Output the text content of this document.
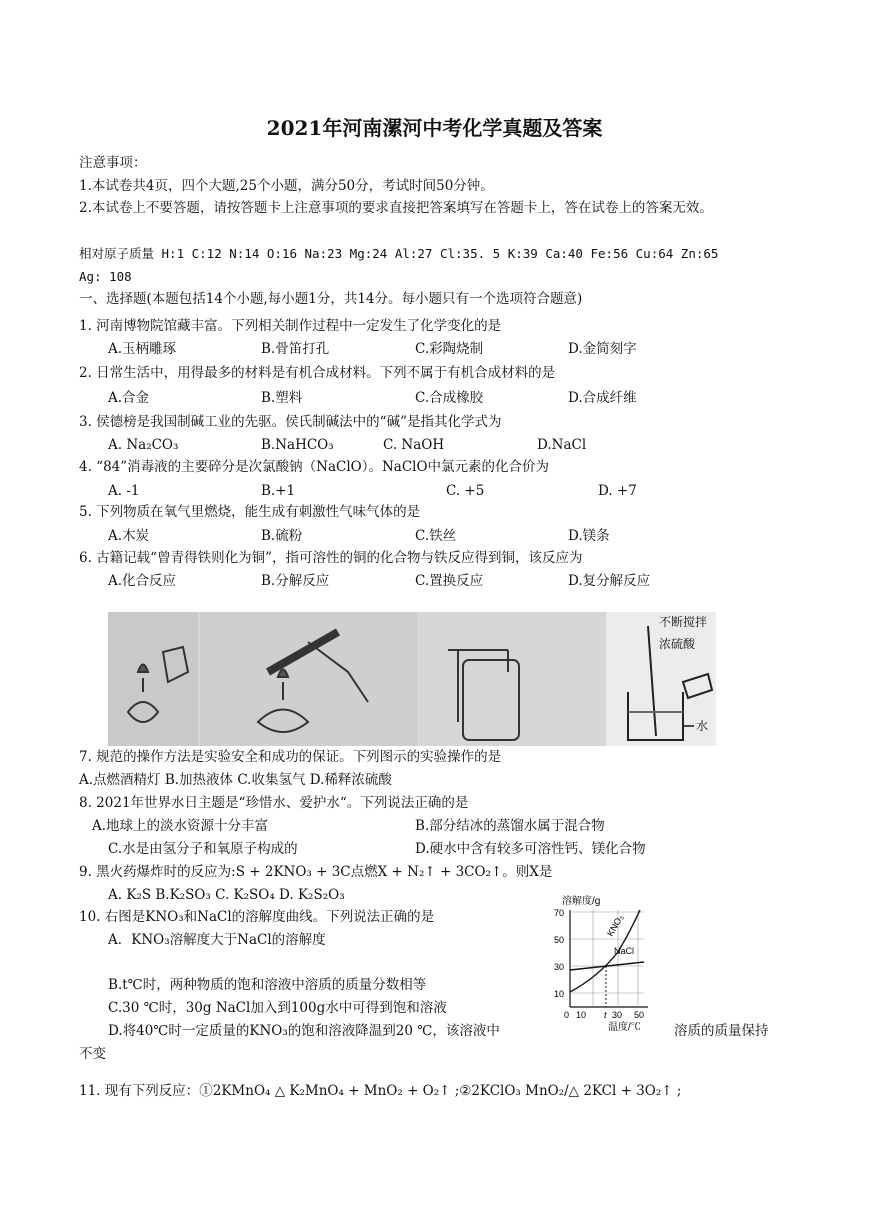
2021年河南漯河中考化学真题及答案
注意事项：
1.本试卷共4页，四个大题,25个小题，满分50分，考试时间50分钟。
2.本试卷上不要答题，请按答题卡上注意事项的要求直接把答案填写在答题卡上，答在试卷上的答案无效。
相对原子质量 H:1 C:12 N:14 O:16 Na:23 Mg:24 Al:27 Cl:35. 5 K:39 Ca:40 Fe:56 Cu:64 Zn:65
Ag: 108
一、选择题(本题包括14个小题,每小题1分，共14分。每小题只有一个选项符合题意)
1. 河南博物院馆藏丰富。下列相关制作过程中一定发生了化学变化的是
A.玉柄雕琢	B.骨笛打孔	C.彩陶烧制	D.金简刻字
2. 日常生活中，用得最多的材料是有机合成材料。下列不属于有机合成材料的是
A.合金	B.塑料	C.合成橡胶	D.合成纤维
3. 侯德榜是我国制碱工业的先驱。侯氏制碱法中的“碱”是指其化学式为
A. Na₂CO₃	B.NaHCO₃	C. NaOH	D.NaCl
4. “84”消毒液的主要碎分是次氯酸钠（NaClO）。NaClO中氯元素的化合价为
A. -1	B.+1	C. +5	D. +7
5. 下列物质在氧气里燃烧，能生成有刺激性气味气体的是
A.木炭	B.硫粉	C.铁丝	D.镁条
6. 古籍记载“曾青得铁则化为铜”，指可溶性的铜的化合物与铁反应得到铜，该反应为
A.化合反应	B.分解反应	C.置换反应	D.复分解反应
不断搅拌
浓硫酸
水
7. 规范的操作方法是实验安全和成功的保证。下列图示的实验操作的是
A.点燃酒精灯 B.加热液体 C.收集氢气 D.稀释浓硫酸
8. 2021年世界水日主题是“珍惜水、爱护水“。下列说法正确的是
A.地球上的淡水资源十分丰富	B.部分结冰的蒸馏水属于混合物
C.水是由氢分子和氧原子构成的	D.硬水中含有较多可溶性钙、镁化合物
9. 黑火药爆炸时的反应为:S + 2KNO₃ + 3C点燃X + N₂↑ + 3CO₂↑。则X是
A. K₂S B.K₂SO₃ C. K₂SO₄ D. K₂S₂O₃
10. 右图是KNO₃和NaCl的溶解度曲线。下列说法正确的是
A．KNO₃溶解度大于NaCl的溶解度
B.t℃时，两种物质的饱和溶液中溶质的质量分数相等
C.30 ℃时，30g NaCl加入到100g水中可得到饱和溶液
D.将40℃时一定质量的KNO₃的饱和溶液降温到20 ℃，该溶液中	溶质的质量保持
不变
溶解度/g
70
50
30
10
KNO₃
NaCl
0 10 t 30 50
温度/℃
11. 现有下列反应：①2KMnO₄ △ K₂MnO₄ + MnO₂ + O₂↑ ;②2KClO₃ MnO₂/△ 2KCl + 3O₂↑ ;
